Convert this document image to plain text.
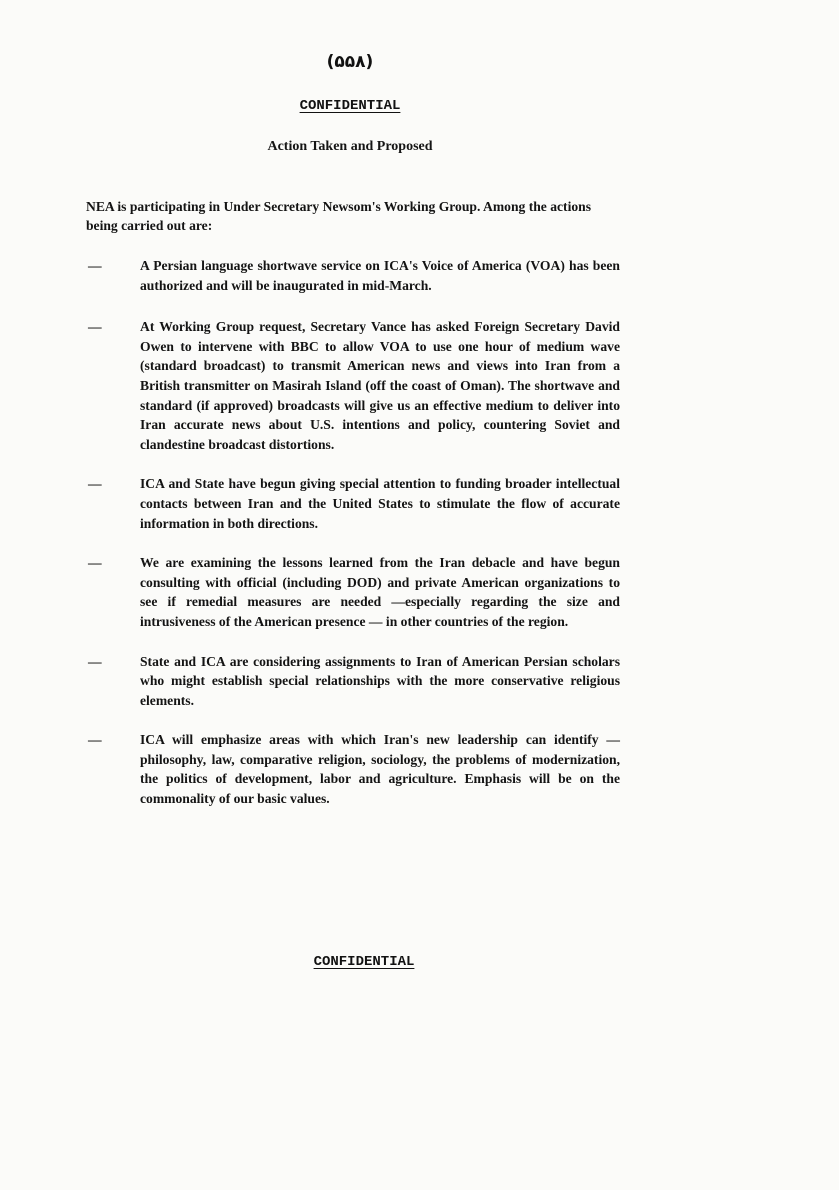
(۵۵۸)
CONFIDENTIAL
Action Taken and Proposed
NEA is participating in Under Secretary Newsom's Working Group. Among the actions being carried out are:
—	A Persian language shortwave service on ICA's Voice of America (VOA) has been authorized and will be inaugurated in mid-March.
—	At Working Group request, Secretary Vance has asked Foreign Secretary David Owen to intervene with BBC to allow VOA to use one hour of medium wave (standard broadcast) to transmit American news and views into Iran from a British transmitter on Masirah Island (off the coast of Oman). The shortwave and standard (if approved) broadcasts will give us an effective medium to deliver into Iran accurate news about U.S. intentions and policy, countering Soviet and clandestine broadcast distortions.
—	ICA and State have begun giving special attention to funding broader intellectual contacts between Iran and the United States to stimulate the flow of accurate information in both directions.
—	We are examining the lessons learned from the Iran debacle and have begun consulting with official (including DOD) and private American organizations to see if remedial measures are needed —especially regarding the size and intrusiveness of the American presence — in other countries of the region.
—	State and ICA are considering assignments to Iran of American Persian scholars who might establish special relationships with the more conservative religious elements.
—	ICA will emphasize areas with which Iran's new leadership can identify —philosophy, law, comparative religion, sociology, the problems of modernization, the politics of development, labor and agriculture. Emphasis will be on the commonality of our basic values.
CONFIDENTIAL
